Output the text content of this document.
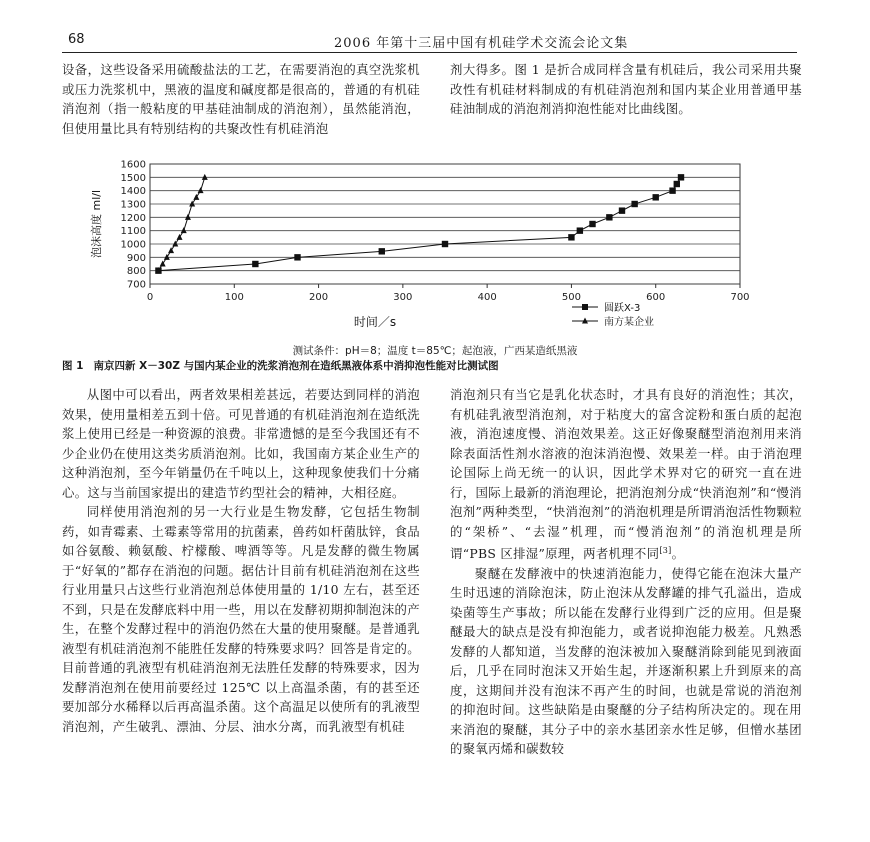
68	2006 年第十三届中国有机硅学术交流会论文集

设备，这些设备采用硫酸盐法的工艺，在需要消泡的真空洗浆机或压力洗浆机中，黑液的温度和碱度都是很高的，普通的有机硅消泡剂（指一般粘度的甲基硅油制成的消泡剂），虽然能消泡，但使用量比具有特别结构的共聚改性有机硅消泡

剂大得多。图 1 是折合成同样含量有机硅后，我公司采用共聚改性有机硅材料制成的有机硅消泡剂和国内某企业用普通甲基硅油制成的消泡剂消抑泡性能对比曲线图。

700
800
900
1000
1100
1200
1300
1400
1500
1600
0	100	200	300	400	500	600	700
时间／s
泡沫高度 ml/l
圆跃X-3
南方某企业
测试条件：pH＝8；温度 t＝85℃；起泡液，广西某造纸黑液
图 1 南京四新 X－30Z 与国内某企业的洗浆消泡剂在造纸黑液体系中消抑泡性能对比测试图

从图中可以看出，两者效果相差甚远，若要达到同样的消泡效果，使用量相差五到十倍。可见普通的有机硅消泡剂在造纸洗浆上使用已经是一种资源的浪费。非常遗憾的是至今我国还有不少企业仍在使用这类劣质消泡剂。比如，我国南方某企业生产的这种消泡剂，至今年销量仍在千吨以上，这种现象使我们十分痛心。这与当前国家提出的建造节约型社会的精神，大相径庭。

同样使用消泡剂的另一大行业是生物发酵，它包括生物制药，如青霉素、土霉素等常用的抗菌素，兽药如杆菌肽锌，食品如谷氨酸、赖氨酸、柠檬酸、啤酒等等。凡是发酵的微生物属于“好氧的”都存在消泡的问题。据估计目前有机硅消泡剂在这些行业用量只占这些行业消泡剂总体使用量的 1/10 左右，甚至还不到，只是在发酵底料中用一些，用以在发酵初期抑制泡沫的产生，在整个发酵过程中的消泡仍然在大量的使用聚醚。是普通乳液型有机硅消泡剂不能胜任发酵的特殊要求吗？回答是肯定的。目前普通的乳液型有机硅消泡剂无法胜任发酵的特殊要求，因为发酵消泡剂在使用前要经过 125℃ 以上高温杀菌，有的甚至还要加部分水稀释以后再高温杀菌。这个高温足以使所有的乳液型消泡剂，产生破乳、漂油、分层、油水分离，而乳液型有机硅

消泡剂只有当它是乳化状态时，才具有良好的消泡性；其次，有机硅乳液型消泡剂，对于粘度大的富含淀粉和蛋白质的起泡液，消泡速度慢、消泡效果差。这正好像聚醚型消泡剂用来消除表面活性剂水溶液的泡沫消泡慢、效果差一样。由于消泡理论国际上尚无统一的认识，因此学术界对它的研究一直在进行，国际上最新的消泡理论，把消泡剂分成“快消泡剂”和“慢消泡剂”两种类型，“快消泡剂”的消泡机理是所谓消泡活性物颗粒的“架桥”、“去湿”机理，而“慢消泡剂”的消泡机理是所谓“PBS 区排湿”原理，两者机理不同[3]。

聚醚在发酵液中的快速消泡能力，使得它能在泡沫大量产生时迅速的消除泡沫，防止泡沫从发酵罐的排气孔溢出，造成染菌等生产事故；所以能在发酵行业得到广泛的应用。但是聚醚最大的缺点是没有抑泡能力，或者说抑泡能力极差。凡熟悉发酵的人都知道，当发酵的泡沫被加入聚醚消除到能见到液面后，几乎在同时泡沫又开始生起，并逐渐积累上升到原来的高度，这期间并没有泡沫不再产生的时间，也就是常说的消泡剂的抑泡时间。这些缺陷是由聚醚的分子结构所决定的。现在用来消泡的聚醚，其分子中的亲水基团亲水性足够，但憎水基团的聚氧丙烯和碳数较
